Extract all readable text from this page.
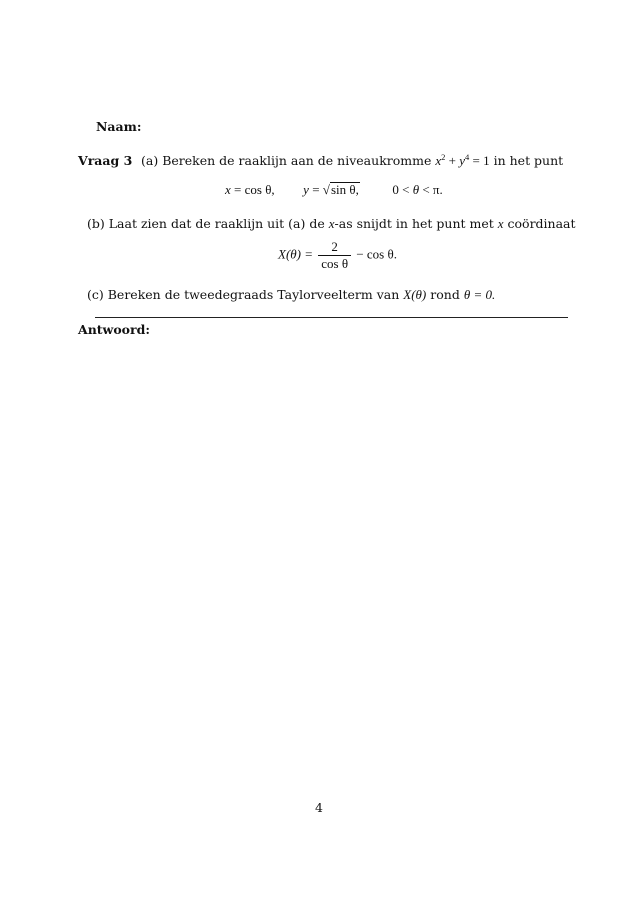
Naam:
Vraag 3 (a) Bereken de raaklijn aan de niveaukromme $x^2 + y^4 = 1$ in het punt
x = cos θ, y = √sin θ,	0 < θ < π.
(b) Laat zien dat de raaklijn uit (a) de x-as snijdt in het punt met x coördinaat
$X(\theta) = \frac{2}{\text{cos θ}} - \cos \theta$.
(c) Bereken de tweedegraads Taylorveelterm van X(θ) rond θ = 0.
Antwoord:
4
